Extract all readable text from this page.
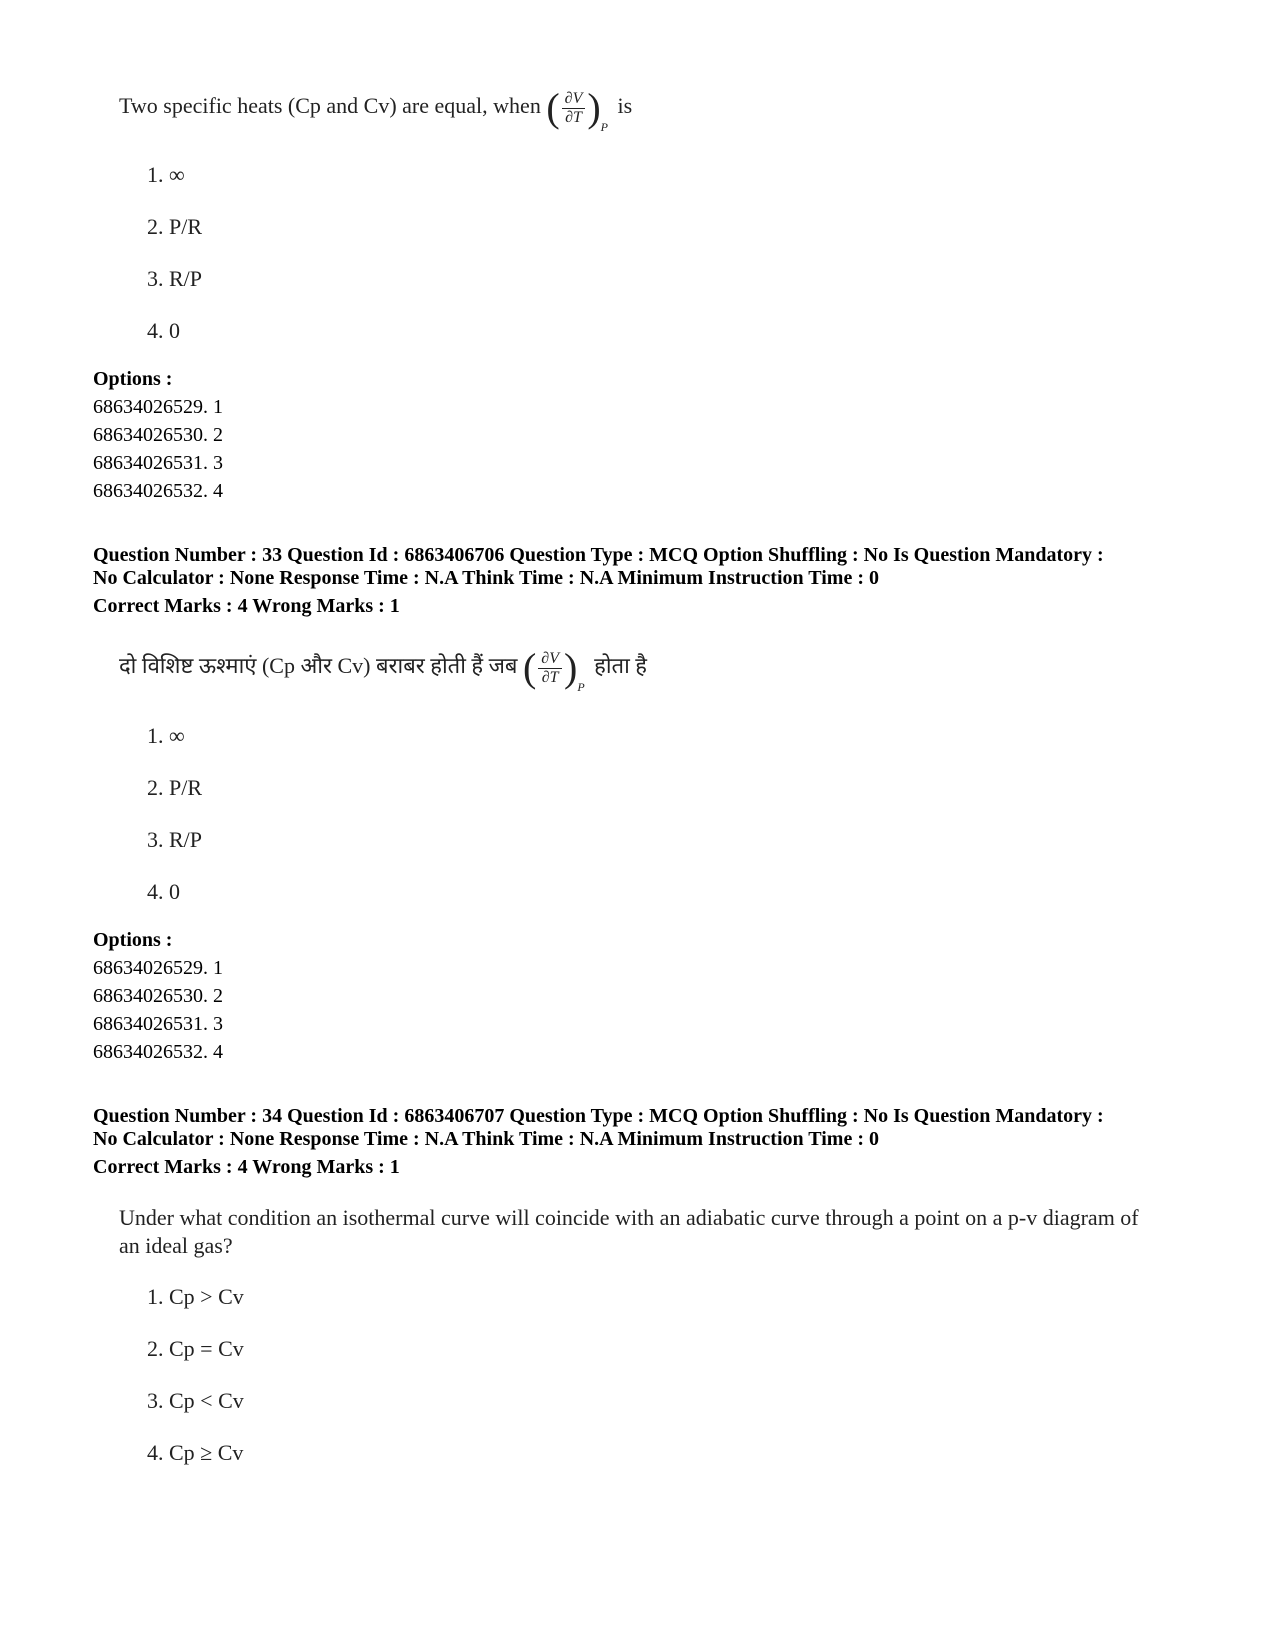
Two specific heats (Cp and Cv) are equal, when ( $\frac{\partial V}{\partial T} )_P$ is
1. ∞
2. P/R
3. R/P
4. 0
Options :
68634026529. 1
68634026530. 2
68634026531. 3
68634026532. 4
Question Number : 33 Question Id : 6863406706 Question Type : MCQ Option Shuffling : No Is Question Mandatory :
No Calculator : None Response Time : N.A Think Time : N.A Minimum Instruction Time : 0
Correct Marks : 4 Wrong Marks : 1
दो विशिष्ट ऊश्माएं (Cp और Cv) बराबर होती हैं जब ( $\frac{\partial V}{\partial T} )_P$ होता है
1. ∞
2. P/R
3. R/P
4. 0
Options :
68634026529. 1
68634026530. 2
68634026531. 3
68634026532. 4
Question Number : 34 Question Id : 6863406707 Question Type : MCQ Option Shuffling : No Is Question Mandatory :
No Calculator : None Response Time : N.A Think Time : N.A Minimum Instruction Time : 0
Correct Marks : 4 Wrong Marks : 1
Under what condition an isothermal curve will coincide with an adiabatic curve through a point on a p-v diagram of an ideal gas?
1. Cp > Cv
2. Cp = Cv
3. Cp < Cv
4. Cp ≥ Cv
